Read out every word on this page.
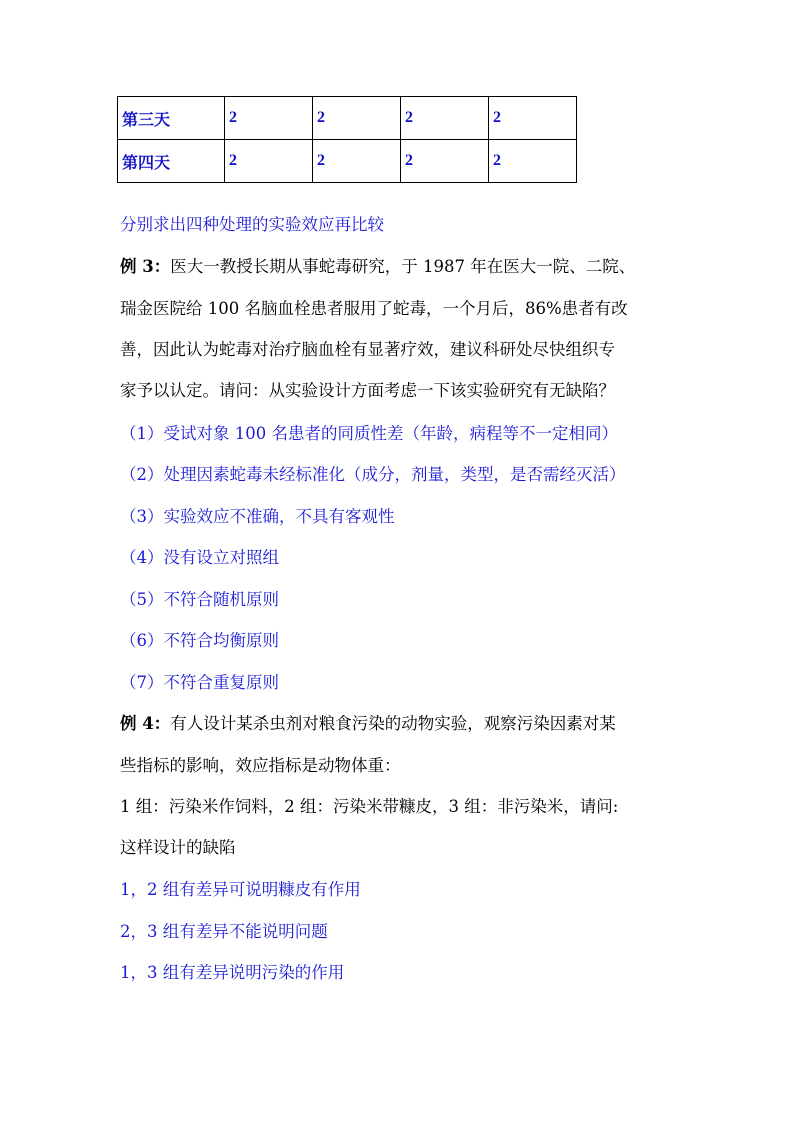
第三天	2	2	2	2
第四天	2	2	2	2
分别求出四种处理的实验效应再比较
例 3：医大一教授长期从事蛇毒研究，于 1987 年在医大一院、二院、
瑞金医院给 100 名脑血栓患者服用了蛇毒，一个月后，86%患者有改
善，因此认为蛇毒对治疗脑血栓有显著疗效，建议科研处尽快组织专
家予以认定。请问：从实验设计方面考虑一下该实验研究有无缺陷？
（1）受试对象 100 名患者的同质性差（年龄，病程等不一定相同）
（2）处理因素蛇毒未经标准化（成分，剂量，类型，是否需经灭活）
（3）实验效应不准确，不具有客观性
（4）没有设立对照组
（5）不符合随机原则
（6）不符合均衡原则
（7）不符合重复原则
例 4：有人设计某杀虫剂对粮食污染的动物实验，观察污染因素对某
些指标的影响，效应指标是动物体重：
1 组：污染米作饲料，2 组：污染米带糠皮，3 组：非污染米，请问:
这样设计的缺陷
1，2 组有差异可说明糠皮有作用
2，3 组有差异不能说明问题
1，3 组有差异说明污染的作用
